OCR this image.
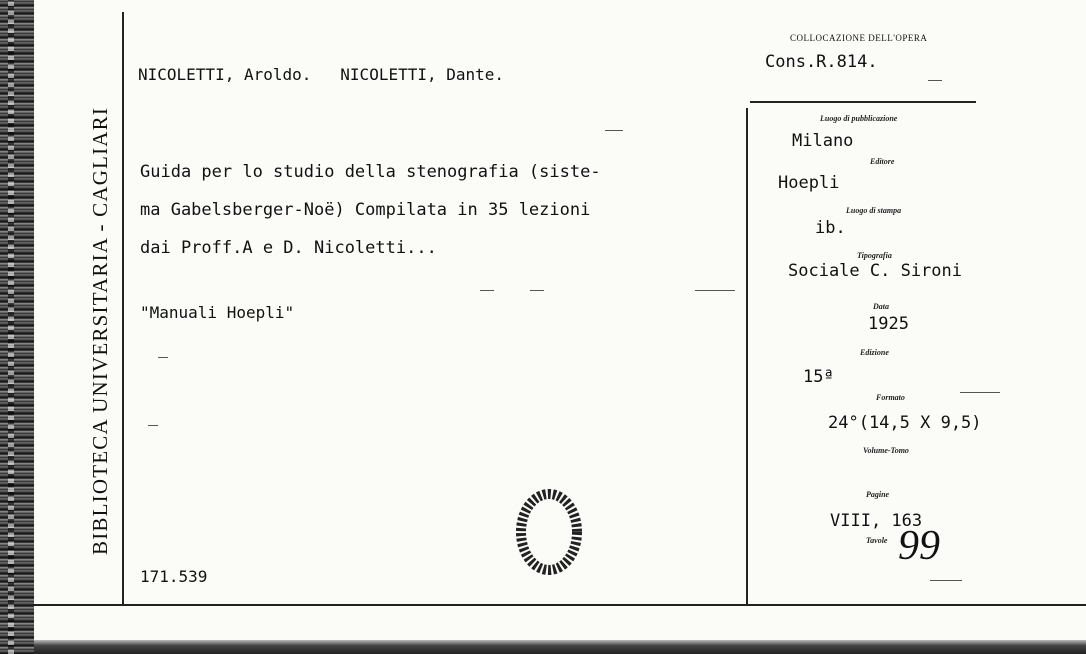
BIBLIOTECA UNIVERSITARIA - CAGLIARI
NICOLETTI, Aroldo.   NICOLETTI, Dante.
Guida per lo studio della stenografia (siste-
ma Gabelsberger-Noë) Compilata in 35 lezioni
dai Proff.A e D. Nicoletti...
"Manuali Hoepli"
171.539
COLLOCAZIONE DELL'OPERA
Cons.R.814.
Luogo di pubblicazione
Milano
Editore
Hoepli
Luogo di stampa
ib.
Tipografia
Sociale C. Sironi
Data
1925
Edizione
15ª
Formato
24°(14,5 X 9,5)
Volume-Tomo
Pagine
VIII, 163
Tavole 99
